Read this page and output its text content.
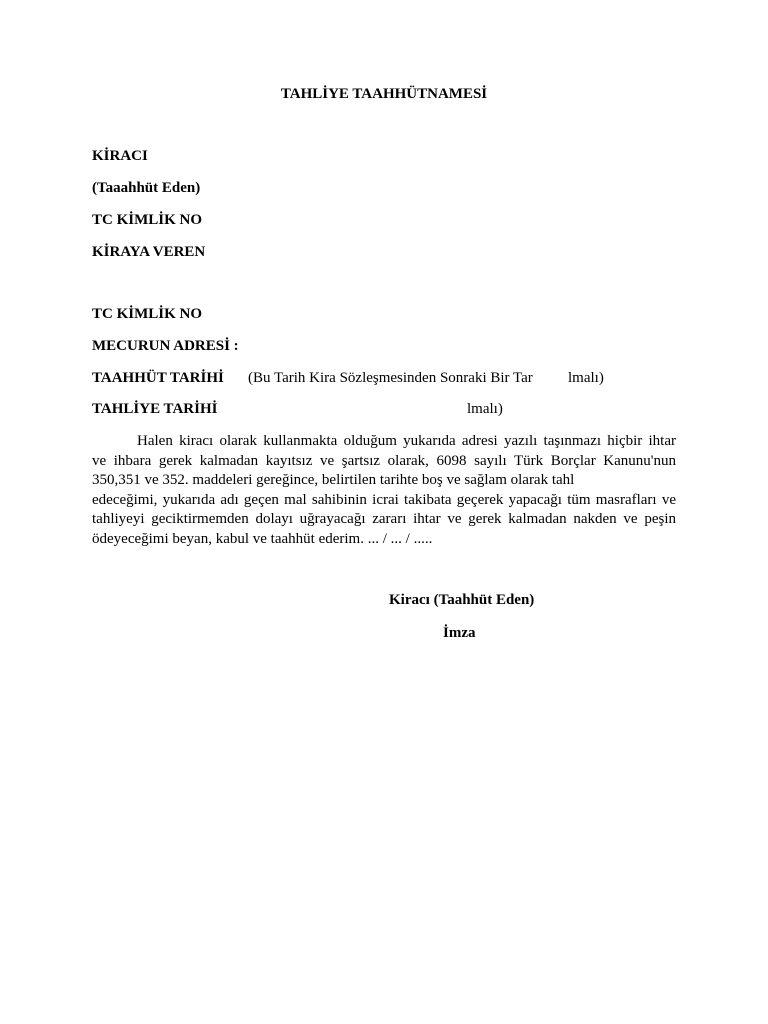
TAHLİYE TAAHHÜTNAMESİ
KİRACI
(Taaahhüt Eden)
TC KİMLİK NO
KİRAYA VEREN
TC KİMLİK NO
MECURUN ADRESİ :
TAAHHÜT TARİHİ (Bu Tarih Kira Sözleşmesinden Sonraki Bir Tar lmalı)
TAHLİYE TARİHİ	lmalı)
Halen kiracı olarak kullanmakta olduğum yukarıda adresi yazılı taşınmazı hiçbir ihtar
ve ihbara gerek kalmadan kayıtsız ve şartsız olarak, 6098 sayılı Türk Borçlar Kanunu'nun
350,351 ve 352. maddeleri gereğince, belirtilen tarihte boş ve sağlam olarak tahl
edeceğimi, yukarıda adı geçen mal sahibinin icrai takibata geçerek yapacağı tüm masrafları ve
tahliyeyi geciktirmemden dolayı uğrayacağı zararı ihtar ve gerek kalmadan nakden ve peşin
ödeyeceğimi beyan, kabul ve taahhüt ederim. ... / ... / .....
Kiracı (Taahhüt Eden)
İmza
